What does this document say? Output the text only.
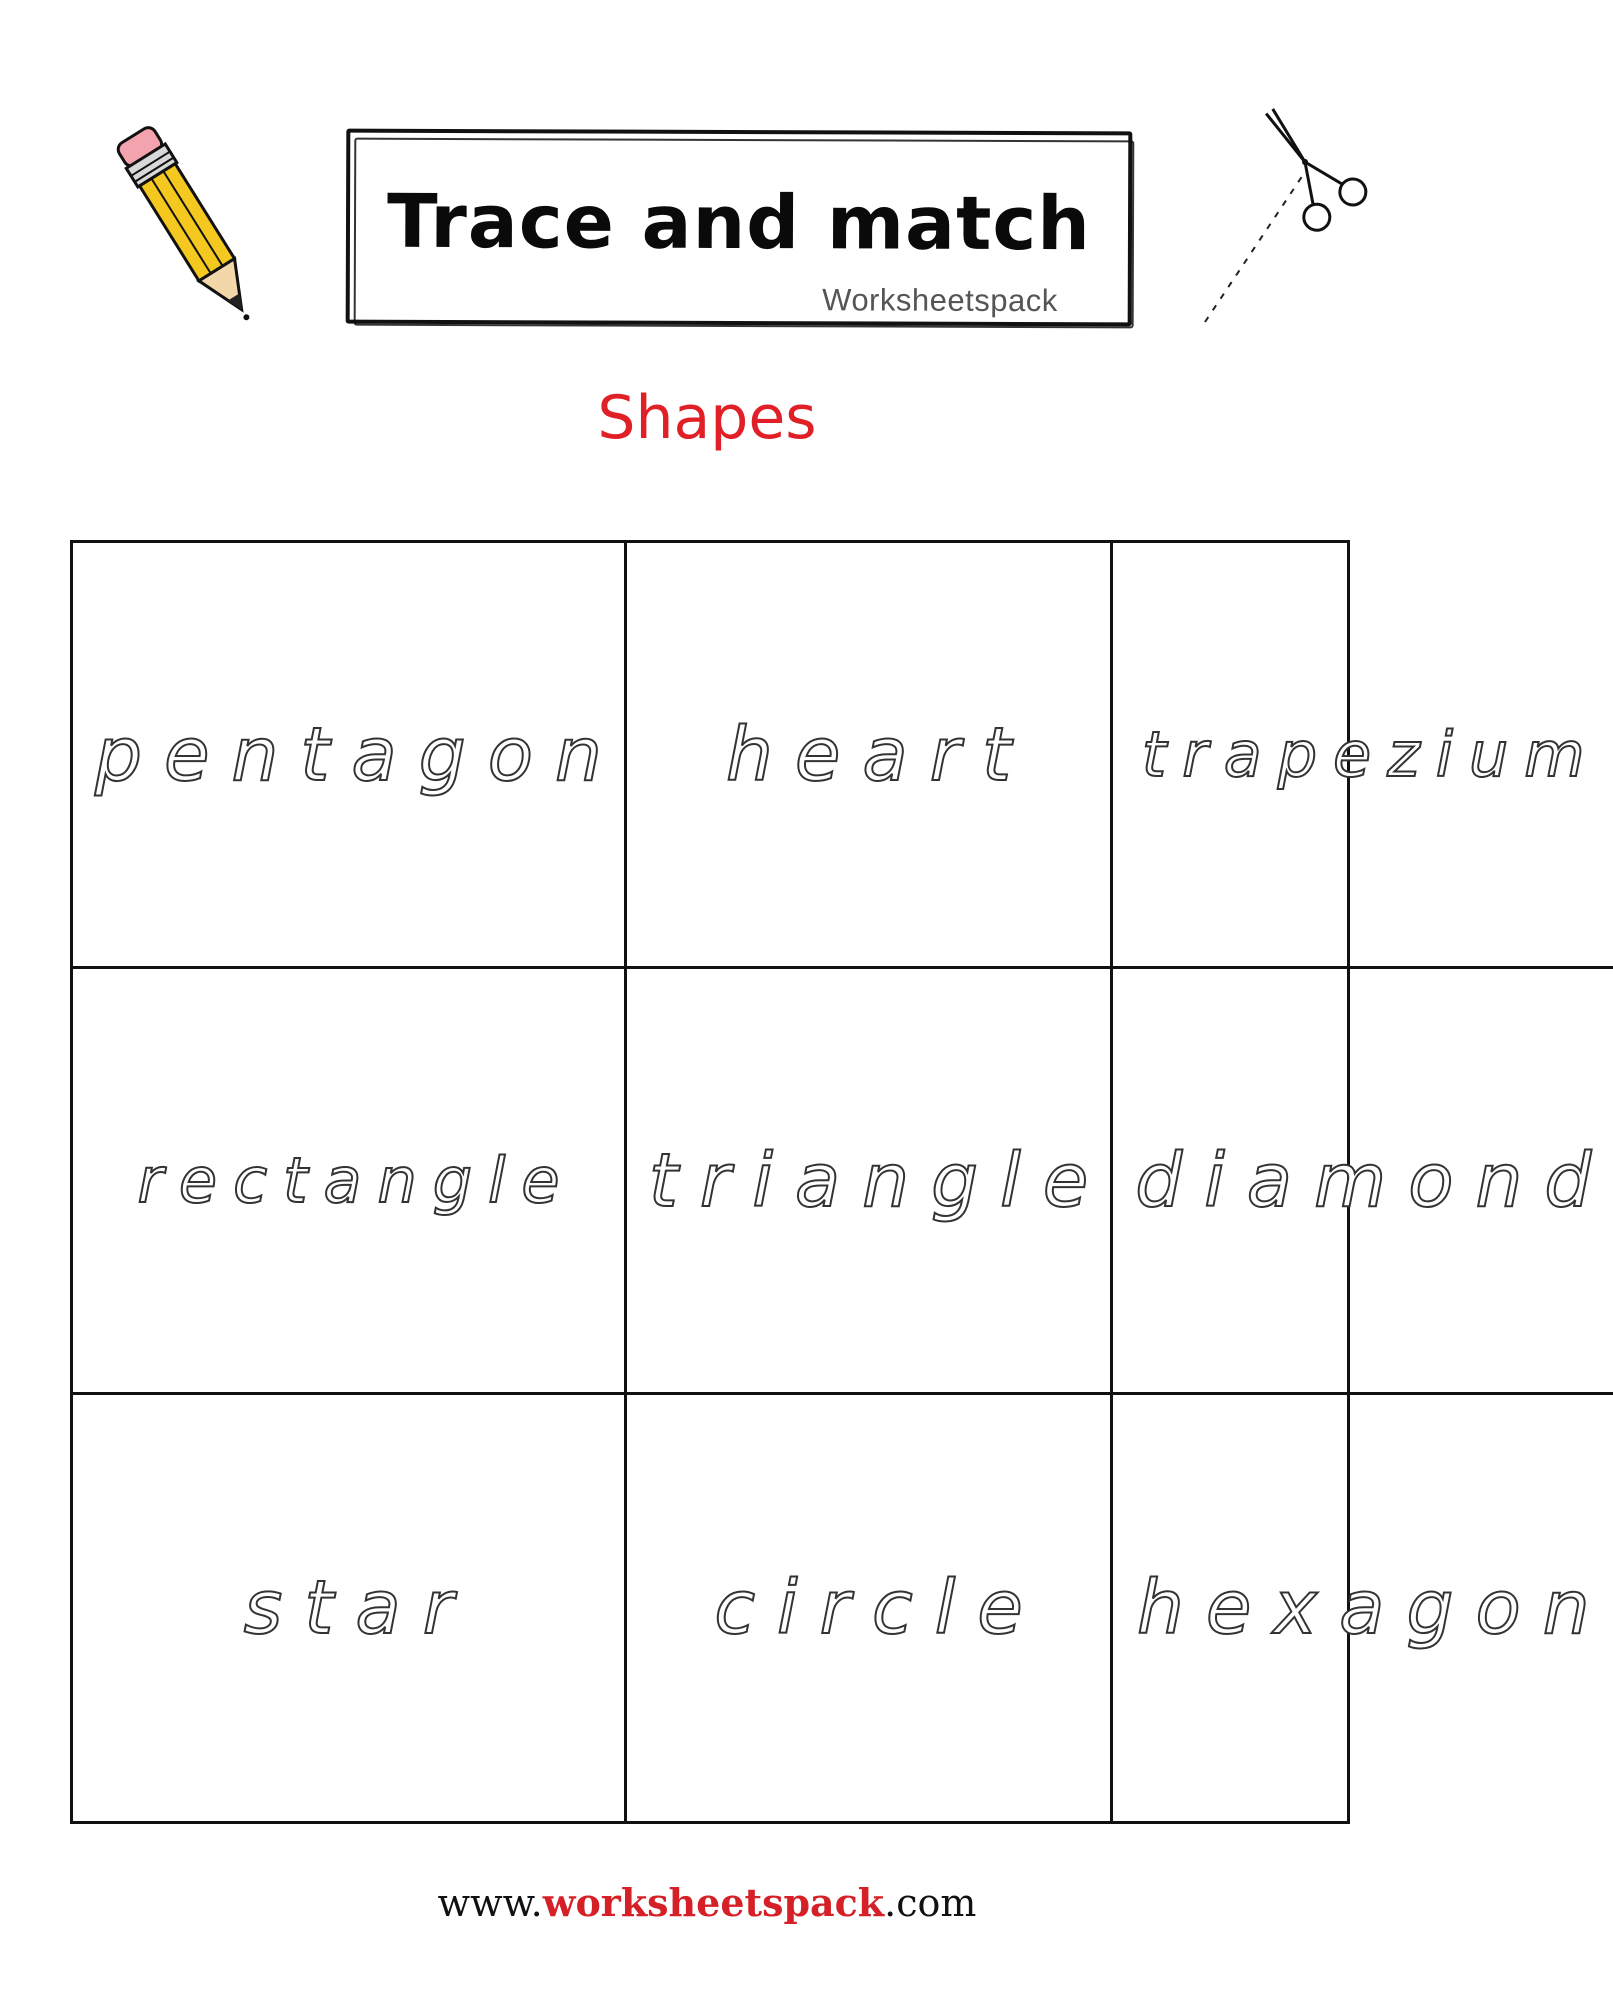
Trace and match
Worksheetspack
Shapes
pentagon heart trapezium
rectangle triangle diamond
star	circle hexagon
www.worksheetspack.com
